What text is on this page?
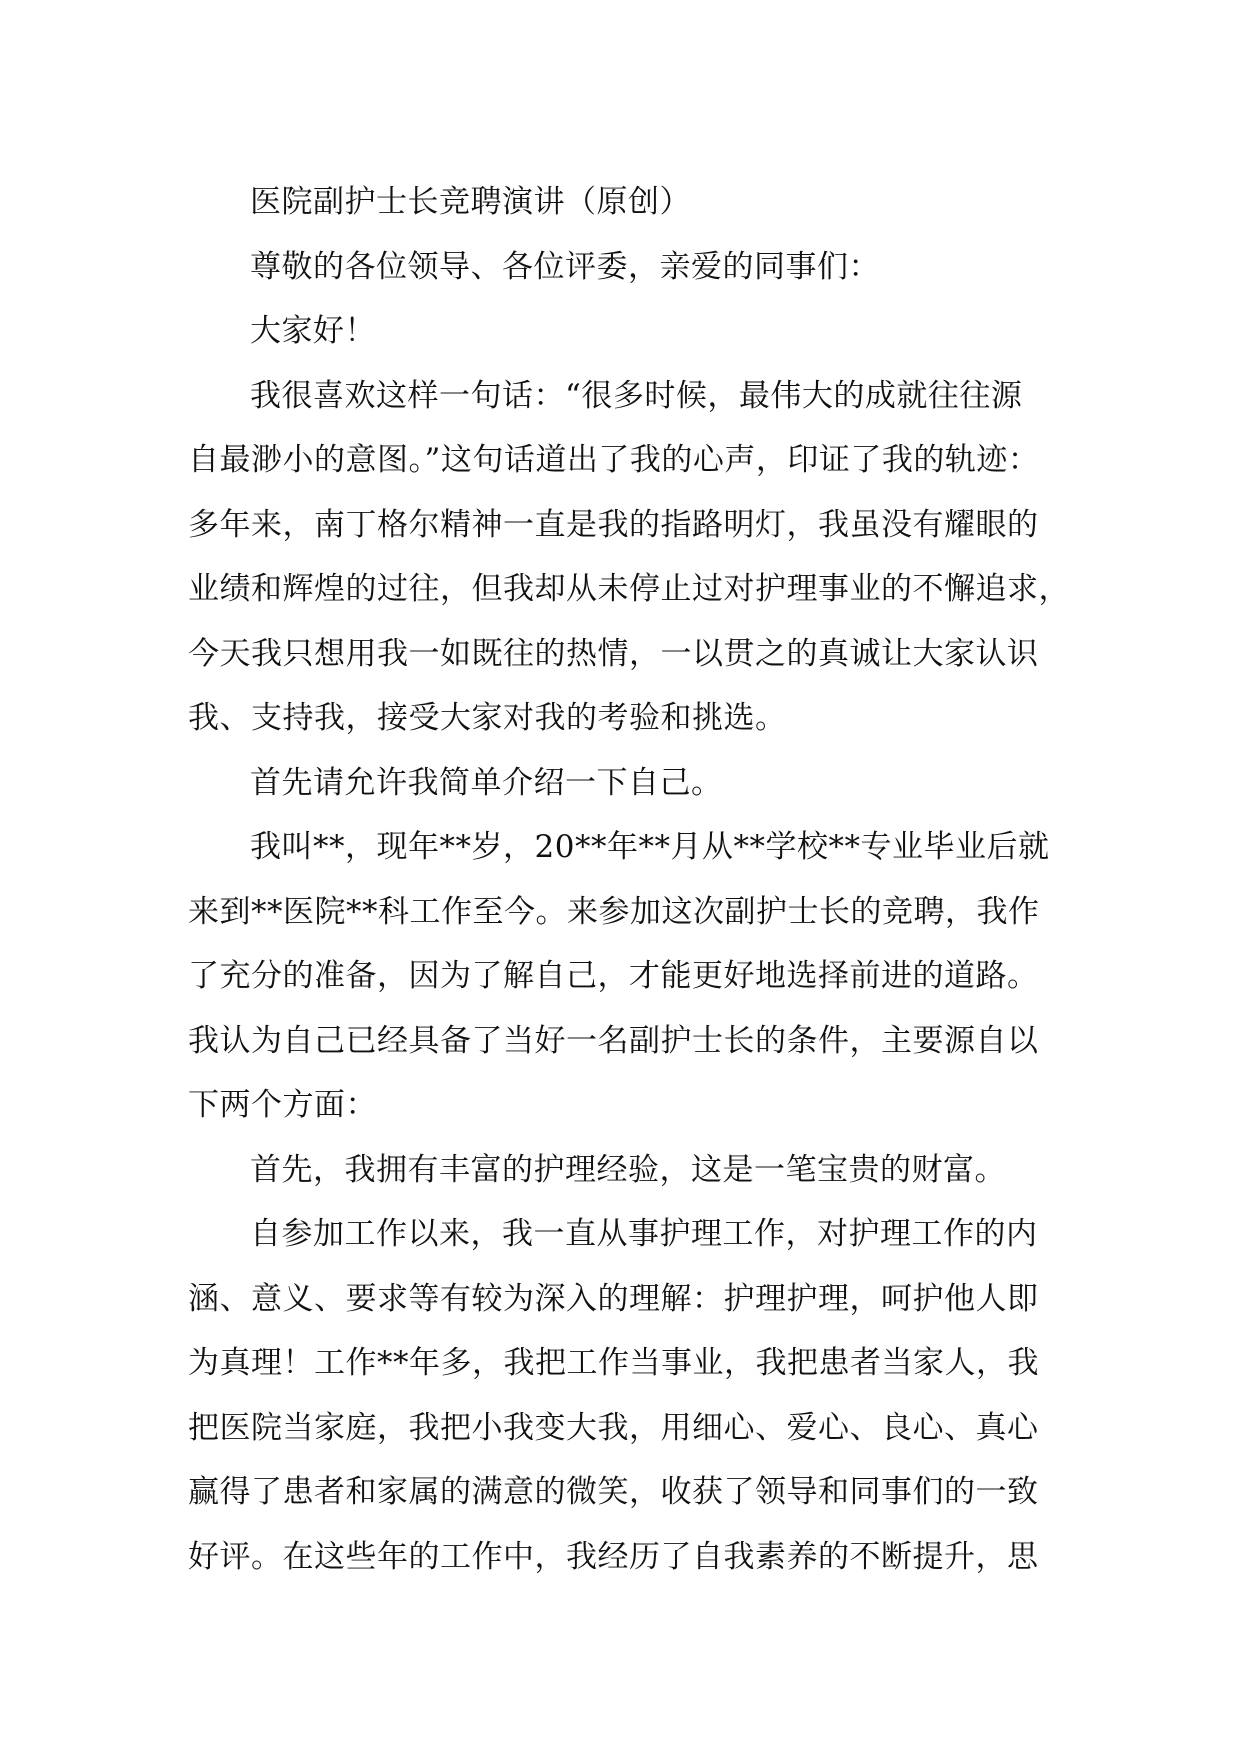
医院副护士长竞聘演讲（原创）

尊敬的各位领导、各位评委，亲爱的同事们：

大家好！

我很喜欢这样一句话：“很多时候，最伟大的成就往往源
自最渺小的意图。”这句话道出了我的心声，印证了我的轨迹：
多年来，南丁格尔精神一直是我的指路明灯，我虽没有耀眼的
业绩和辉煌的过往，但我却从未停止过对护理事业的不懈追求，
今天我只想用我一如既往的热情，一以贯之的真诚让大家认识
我、支持我，接受大家对我的考验和挑选。

首先请允许我简单介绍一下自己。

我叫**，现年**岁，20**年**月从**学校**专业毕业后就
来到**医院**科工作至今。来参加这次副护士长的竞聘，我作
了充分的准备，因为了解自己，才能更好地选择前进的道路。
我认为自己已经具备了当好一名副护士长的条件，主要源自以
下两个方面：

首先，我拥有丰富的护理经验，这是一笔宝贵的财富。

自参加工作以来，我一直从事护理工作，对护理工作的内
涵、意义、要求等有较为深入的理解：护理护理，呵护他人即
为真理！工作**年多，我把工作当事业，我把患者当家人，我
把医院当家庭，我把小我变大我，用细心、爱心、良心、真心
赢得了患者和家属的满意的微笑，收获了领导和同事们的一致
好评。在这些年的工作中，我经历了自我素养的不断提升，思
